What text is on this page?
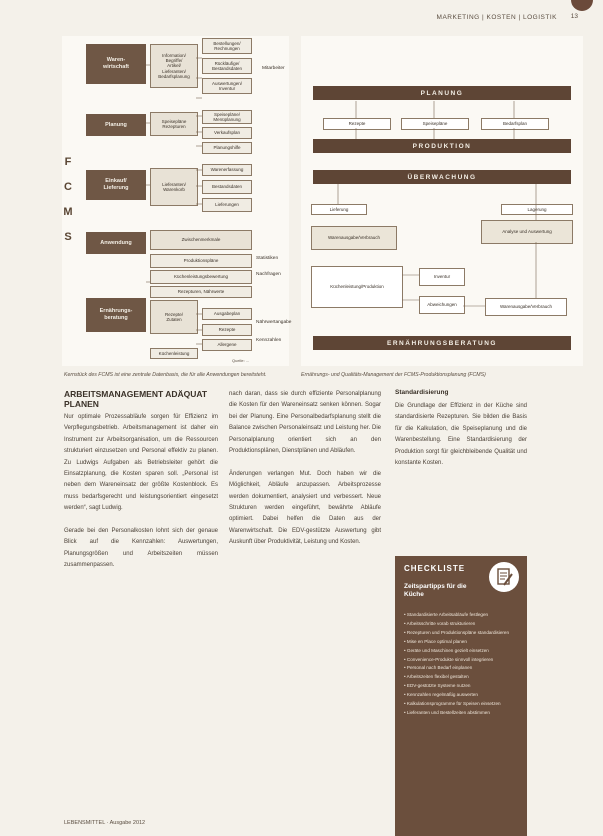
MARKETING | KOSTEN | LOGISTIK 13
Waren-
wirtschaft
Planung
Einkauf/
Lieferung
Anwendung
Ernährungs-
beratung
Information/
Begriffe/
Artikel/
Lieferanten/
Bedarfsplanung
Speisepläne
Rezepturen
Lieferanten/
Warenkorb
Zwischenmerkmale
Rezepte/
Zutaten
Bestellungen/
Rechnungen
Rückläufige/
Bestandsdaten
Auswertungen/
Inventur
Speisepläne/
Menüplanung
Verkaufsplan
Planungshilfe
Warenerfassung
Bestandsdaten
Lieferungen
Produktionspläne
Küchenleistungsbewertung
Rezepturen, Nährwerte
Ausgabeplan
Rezepte
Allergene
Küchenleistung
Mitarbeiter
Statistiken
Nachfragen
Nährwertangabe
Kennzahlen
Quelle: ...
F
C
M
S
PLANUNG
Rezepte	Speisepläne	Bedarfsplan
PRODUKTION
ÜBERWACHUNG
Lieferung	Lagerung
Warenausgabe/Verbrauch
Analyse und Auswertung
Küchenleistung/Produktion
Inventur
Abweichungen	Warenausgabe/Verbrauch
ERNÄHRUNGSBERATUNG
Kernstück des FCMS ist eine zentrale Datenbasis, die für alle Anwendungen bereitsteht.	Ernährungs- und Qualitäts-Management der FCMS-Produktionsplanung (FCMS)
ARBEITSMANAGEMENT ADÄQUAT PLANEN
Nur optimale Prozessabläufe sorgen für Effizienz im Verpflegungsbetrieb. Arbeitsmanagement ist daher ein Instrument zur Arbeitsorganisation, um die Ressourcen strukturiert einzusetzen und Personal effektiv zu planen. Zu Ludwigs Aufgaben als Betriebsleiter gehört die Einsatzplanung, die Kosten sparen soll. „Personal ist neben dem Wareneinsatz der größte Kostenblock. Es muss bedarfsgerecht und leistungsorientiert eingesetzt werden“, sagt Ludwig.

Gerade bei den Personalkosten lohnt sich der genaue Blick auf die Kennzahlen: Auswertungen, Planungsgrößen und Arbeitszeiten müssen zusammenpassen.
nach daran, dass sie durch effiziente Personalplanung die Kosten für den Wareneinsatz senken können. Sogar bei der Planung. Eine Personalbedarfsplanung stellt die Balance zwischen Personaleinsatz und Leistung her. Die Personalplanung orientiert sich an den Produktionsplänen, Dienstplänen und Abläufen.

Änderungen verlangen Mut. Doch haben wir die Möglichkeit, Abläufe anzupassen. Arbeitsprozesse werden dokumentiert, analysiert und verbessert. Neue Strukturen werden eingeführt, bewährte Abläufe optimiert. Dabei helfen die Daten aus der Warenwirtschaft. Die EDV-gestützte Auswertung gibt Auskunft über Produktivität, Leistung und Kosten.
Standardisierung
Die Grundlage der Effizienz in der Küche sind standardisierte Rezepturen. Sie bilden die Basis für die Kalkulation, die Speiseplanung und die Warenbestellung. Eine Standardisierung der Produktion sorgt für gleichbleibende Qualität und konstante Kosten.
CHECKLISTE
Zeitspartipps für die Küche
• Standardisierte Arbeitsabläufe festlegen
• Arbeitsschritte vorab strukturieren
• Rezepturen und Produktionspläne standardisieren
• Mise en Place optimal planen
• Geräte und Maschinen gezielt einsetzen
• Convenience-Produkte sinnvoll integrieren
• Personal nach Bedarf einplanen
• Arbeitszeiten flexibel gestalten
• EDV-gestützte Systeme nutzen
• Kennzahlen regelmäßig auswerten
• Kalkulationsprogramme für Speisen einsetzen
• Lieferanten und Bestellzeiten abstimmen
LEBENSMITTEL · Ausgabe 2012
